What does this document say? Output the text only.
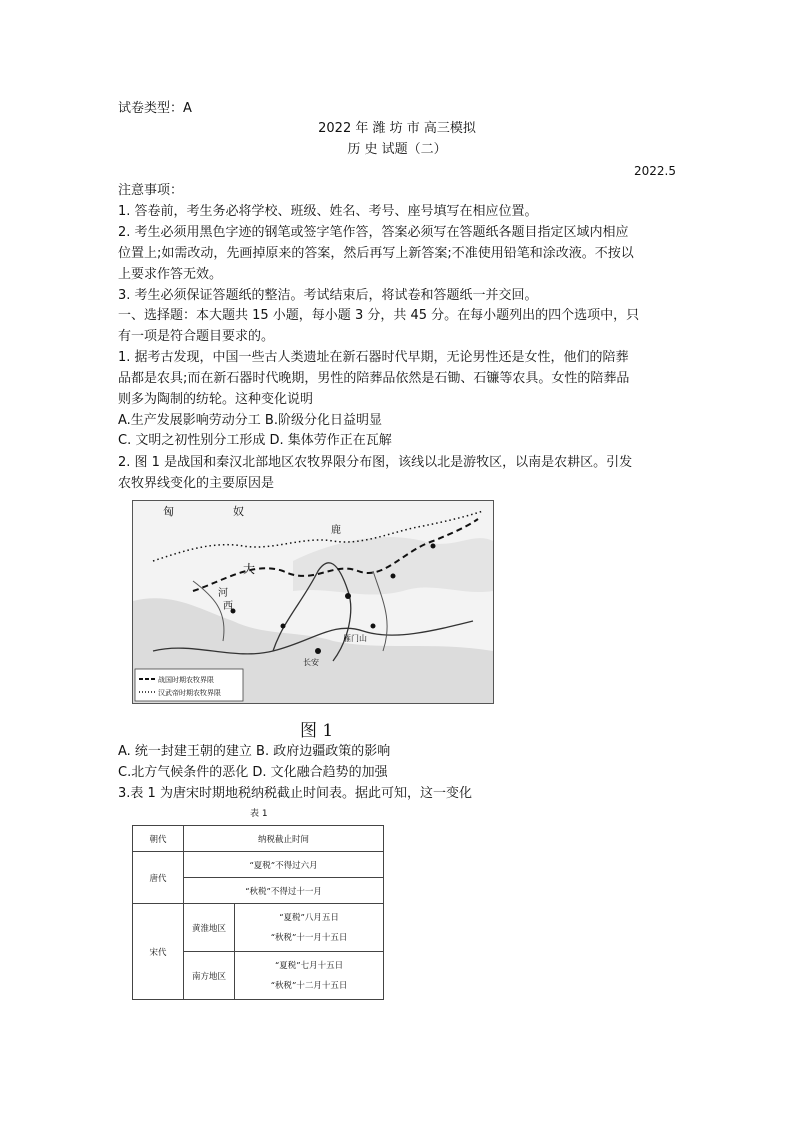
试卷类型：A
2022 年 潍 坊 市 高三模拟
历 史 试题（二）
2022.5
注意事项：
1. 答卷前，考生务必将学校、班级、姓名、考号、座号填写在相应位置。
2. 考生必须用黑色字迹的钢笔或签字笔作答，答案必须写在答题纸各题目指定区域内相应
位置上;如需改动，先画掉原来的答案，然后再写上新答案;不准使用铅笔和涂改液。不按以
上要求作答无效。
3. 考生必须保证答题纸的整洁。考试结束后，将试卷和答题纸一并交回。
一、选择题：本大题共 15 小题，每小题 3 分，共 45 分。在每小题列出的四个选项中，只
有一项是符合题目要求的。
1. 据考古发现，中国一些古人类遗址在新石器时代早期，无论男性还是女性，他们的陪葬
品都是农具;而在新石器时代晚期，男性的陪葬品依然是石锄、石镰等农具。女性的陪葬品
则多为陶制的纺轮。这种变化说明
A.生产发展影响劳动分工 B.阶级分化日益明显
C. 文明之初性别分工形成 D. 集体劳作正在瓦解
2. 图 1 是战国和秦汉北部地区农牧界限分布图，该线以北是游牧区，以南是农耕区。引发
农牧界线变化的主要原因是
匈	奴
鹿
大
河
西
长安
雁门山
战国时期农牧界限
汉武帝时期农牧界限
图 1
A. 统一封建王朝的建立 B. 政府边疆政策的影响
C.北方气候条件的恶化 D. 文化融合趋势的加强
3.表 1 为唐宋时期地税纳税截止时间表。据此可知，这一变化
表 1
朝代	纳税截止时间	
唐代	“夏税”不得过六月	
	“秋税”不得过十一月	
宋代	黄淮地区	“夏税”八月五日
“秋税”十一月十五日

	南方地区	“夏税”七月十五日
“秋税”十二月十五日
